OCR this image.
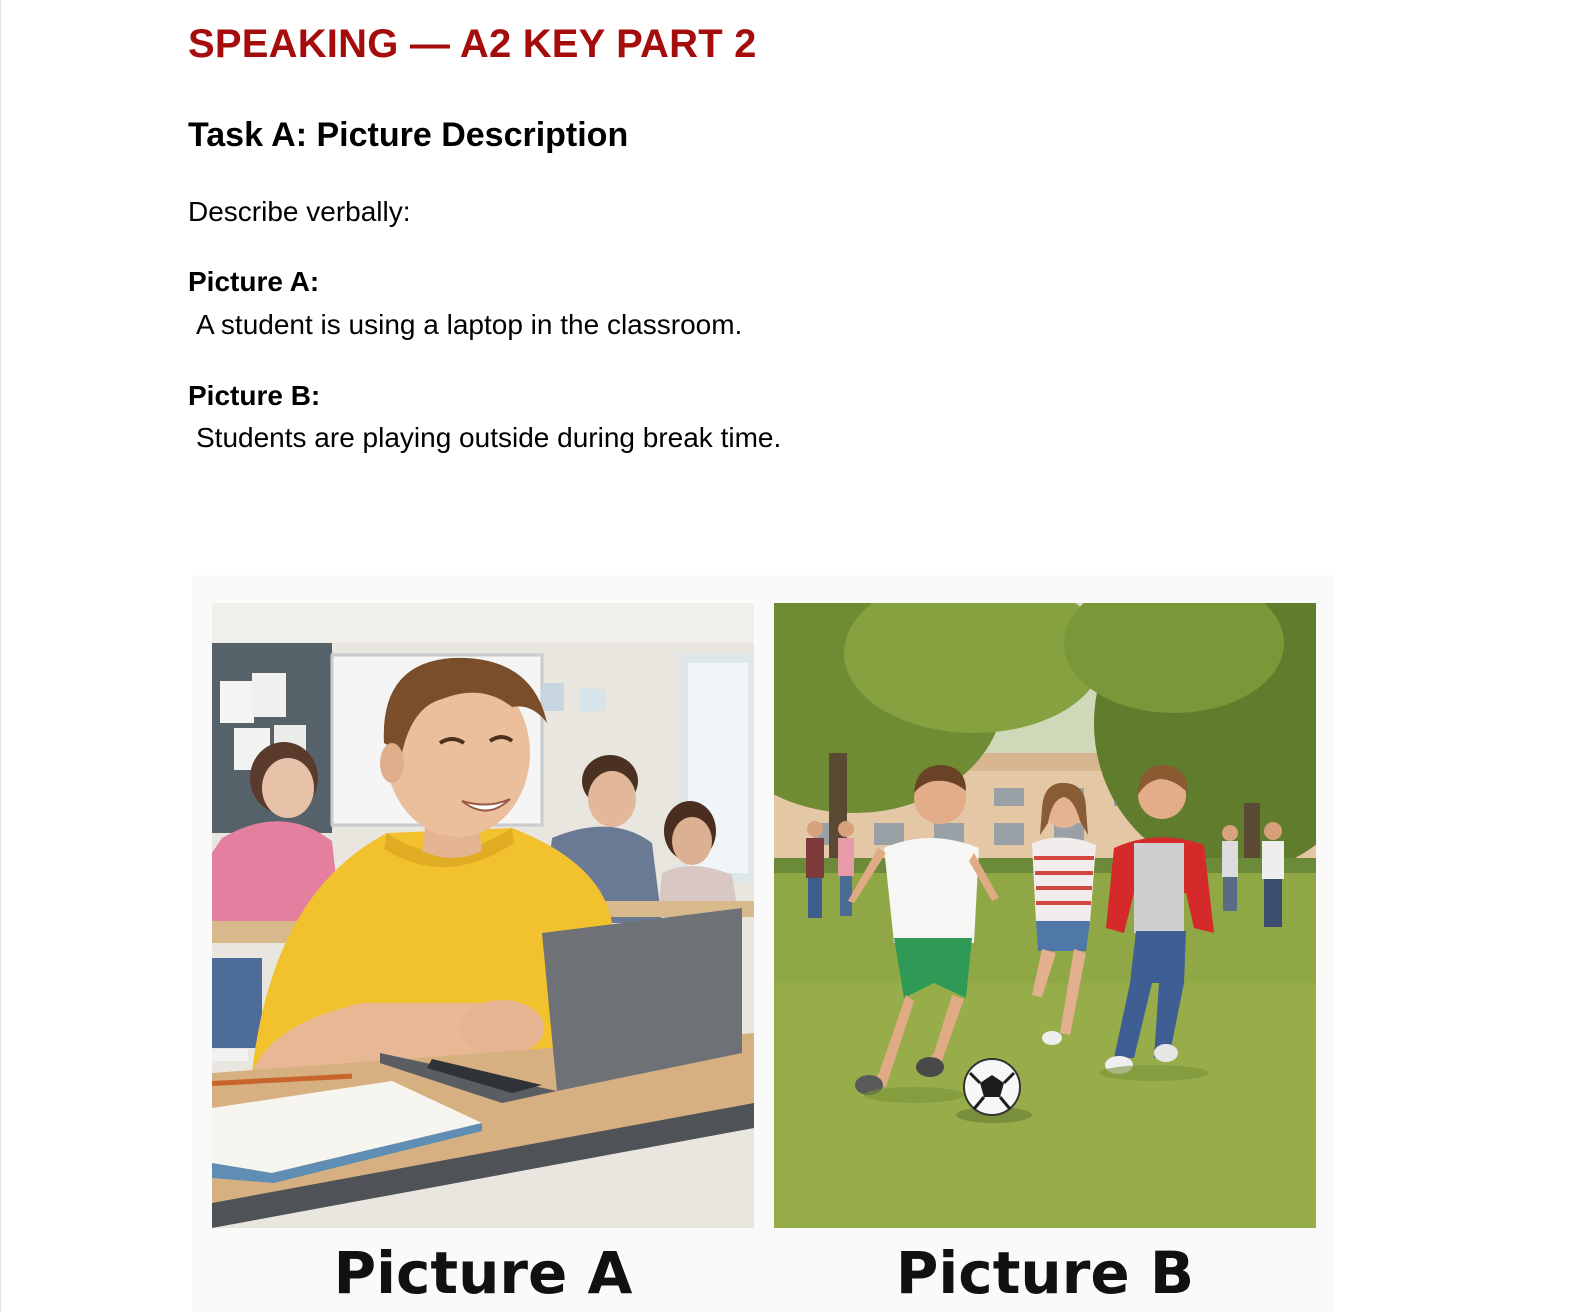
SPEAKING — A2 KEY PART 2
Task A: Picture Description

Describe verbally:

Picture A:

A student is using a laptop in the classroom.

Picture B:

Students are playing outside during break time.

Picture A	Picture B
